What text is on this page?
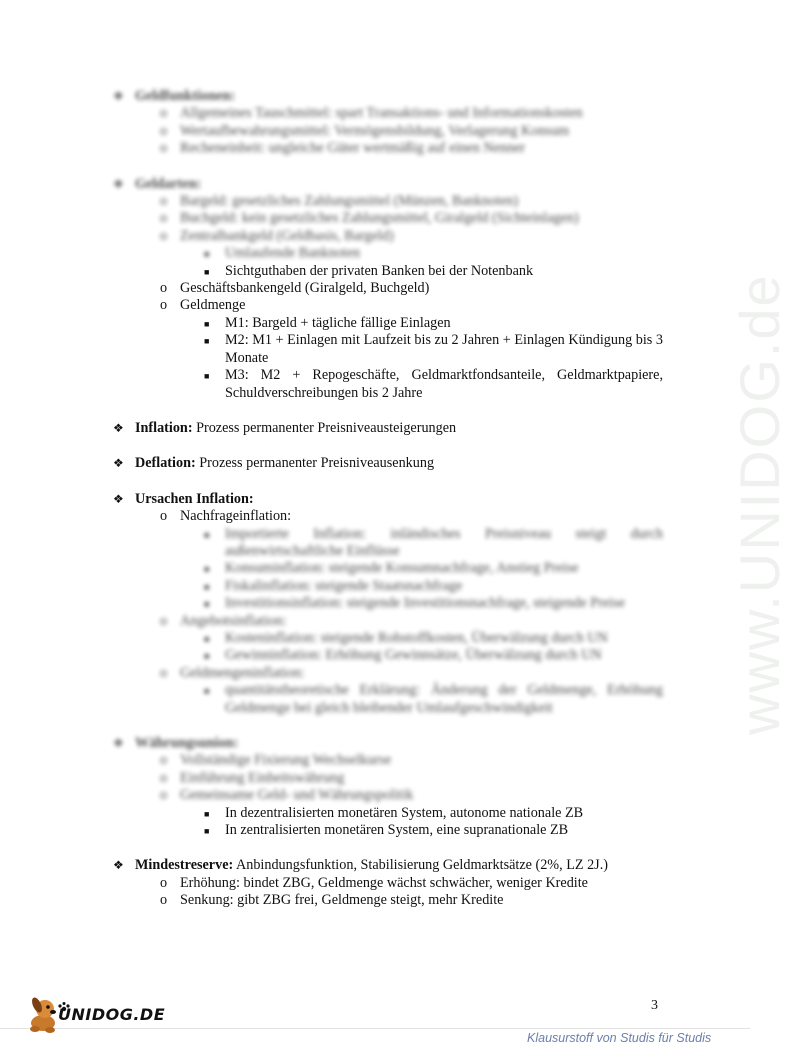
www.UNIDOG.de
❖ Geldfunktionen:
o Allgemeines Tauschmittel: spart Transaktions- und Informationskosten
o Wertaufbewahrungsmittel: Vermögensbildung, Verlagerung Konsum
o Recheneinheit: ungleiche Güter wertmäßig auf einen Nenner
❖ Geldarten:
o Bargeld: gesetzliches Zahlungsmittel (Münzen, Banknoten)
o Buchgeld: kein gesetzliches Zahlungsmittel, Giralgeld (Sichteinlagen)
o Zentralbankgeld (Geldbasis, Bargeld)
■ Umlaufende Banknoten
■ Sichtguthaben der privaten Banken bei der Notenbank
o Geschäftsbankengeld (Giralgeld, Buchgeld)
o Geldmenge
■ M1: Bargeld + tägliche fällige Einlagen
■ M2: M1 + Einlagen mit Laufzeit bis zu 2 Jahren + Einlagen Kündigung bis 3 Monate
■ M3: M2 + Repogeschäfte, Geldmarktfondsanteile, Geldmarktpapiere, Schuldverschreibungen bis 2 Jahre
❖ Inflation: Prozess permanenter Preisniveausteigerungen
❖ Deflation: Prozess permanenter Preisniveausenkung
❖ Ursachen Inflation:
o Nachfrageinflation:
■ Importierte Inflation: inländisches Preisniveau steigt durch außenwirtschaftliche Einflüsse
■ Konsuminflation: steigende Konsumnachfrage, Anstieg Preise
■ Fiskalinflation: steigende Staatsnachfrage
■ Investitionsinflation: steigende Investitionsnachfrage, steigende Preise
o Angebotsinflation:
■ Kosteninflation: steigende Rohstoffkosten, Überwälzung durch UN
■ Gewinninflation: Erhöhung Gewinnsätze, Überwälzung durch UN
o Geldmengeninflation:
■ quantitätstheoretische Erklärung: Änderung der Geldmenge, Erhöhung Geldmenge bei gleich bleibender Umlaufgeschwindigkeit
❖ Währungsunion:
o Vollständige Fixierung Wechselkurse
o Einführung Einheitswährung
o Gemeinsame Geld- und Währungspolitik
■ In dezentralisierten monetären System, autonome nationale ZB
■ In zentralisierten monetären System, eine supranationale ZB
❖ Mindestreserve: Anbindungsfunktion, Stabilisierung Geldmarktsätze (2%, LZ 2J.)
o Erhöhung: bindet ZBG, Geldmenge wächst schwächer, weniger Kredite
o Senkung: gibt ZBG frei, Geldmenge steigt, mehr Kredite
3
UNIDOG.DE
Klausurstoff von Studis für Studis
